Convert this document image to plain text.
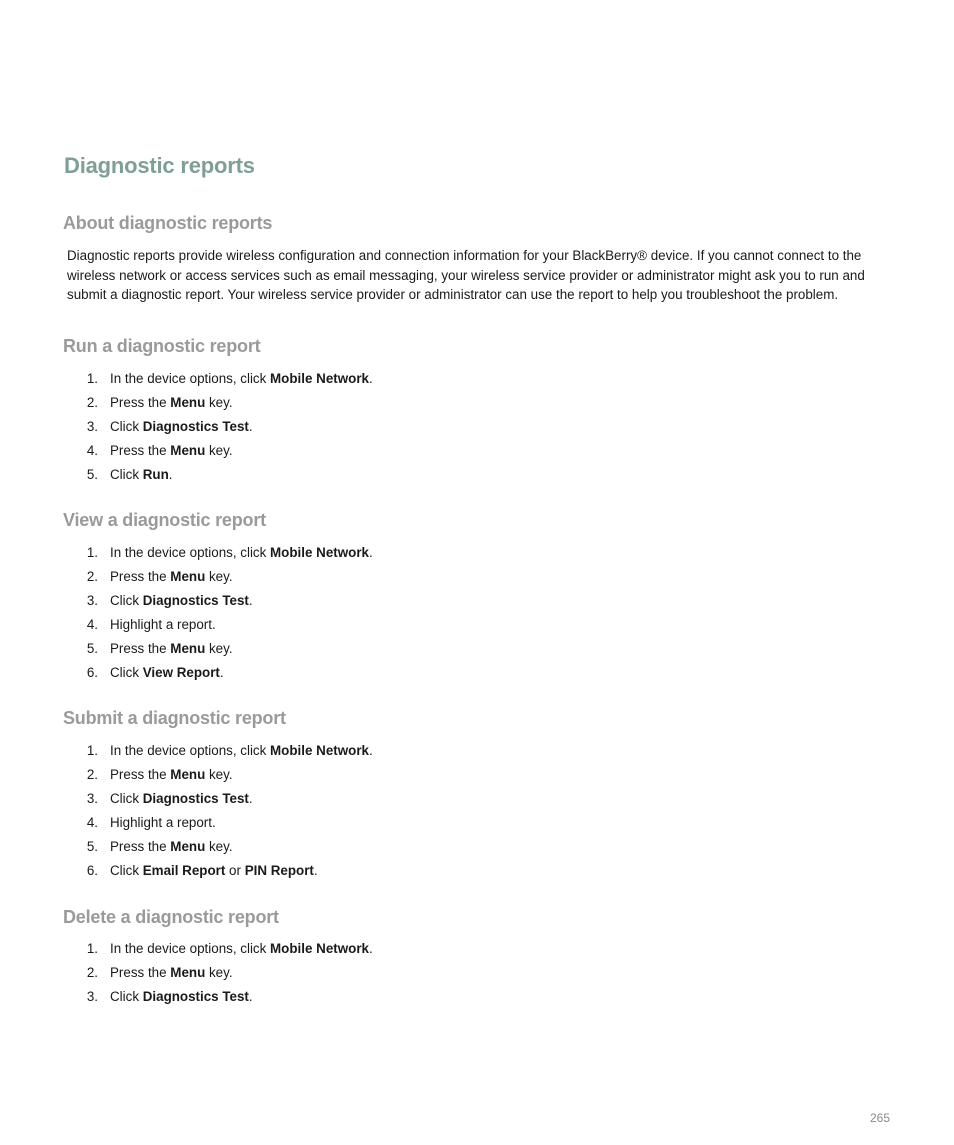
Diagnostic reports
About diagnostic reports

Diagnostic reports provide wireless configuration and connection information for your BlackBerry® device. If you cannot connect to the wireless network or access services such as email messaging, your wireless service provider or administrator might ask you to run and submit a diagnostic report. Your wireless service provider or administrator can use the report to help you troubleshoot the problem.

Run a diagnostic report
1. In the device options, click Mobile Network.
2. Press the Menu key.
3. Click Diagnostics Test.
4. Press the Menu key.
5. Click Run.
View a diagnostic report
1. In the device options, click Mobile Network.
2. Press the Menu key.
3. Click Diagnostics Test.
4. Highlight a report.
5. Press the Menu key.
6. Click View Report.
Submit a diagnostic report
1. In the device options, click Mobile Network.
2. Press the Menu key.
3. Click Diagnostics Test.
4. Highlight a report.
5. Press the Menu key.
6. Click Email Report or PIN Report.
Delete a diagnostic report
1. In the device options, click Mobile Network.
2. Press the Menu key.
3. Click Diagnostics Test.
265
